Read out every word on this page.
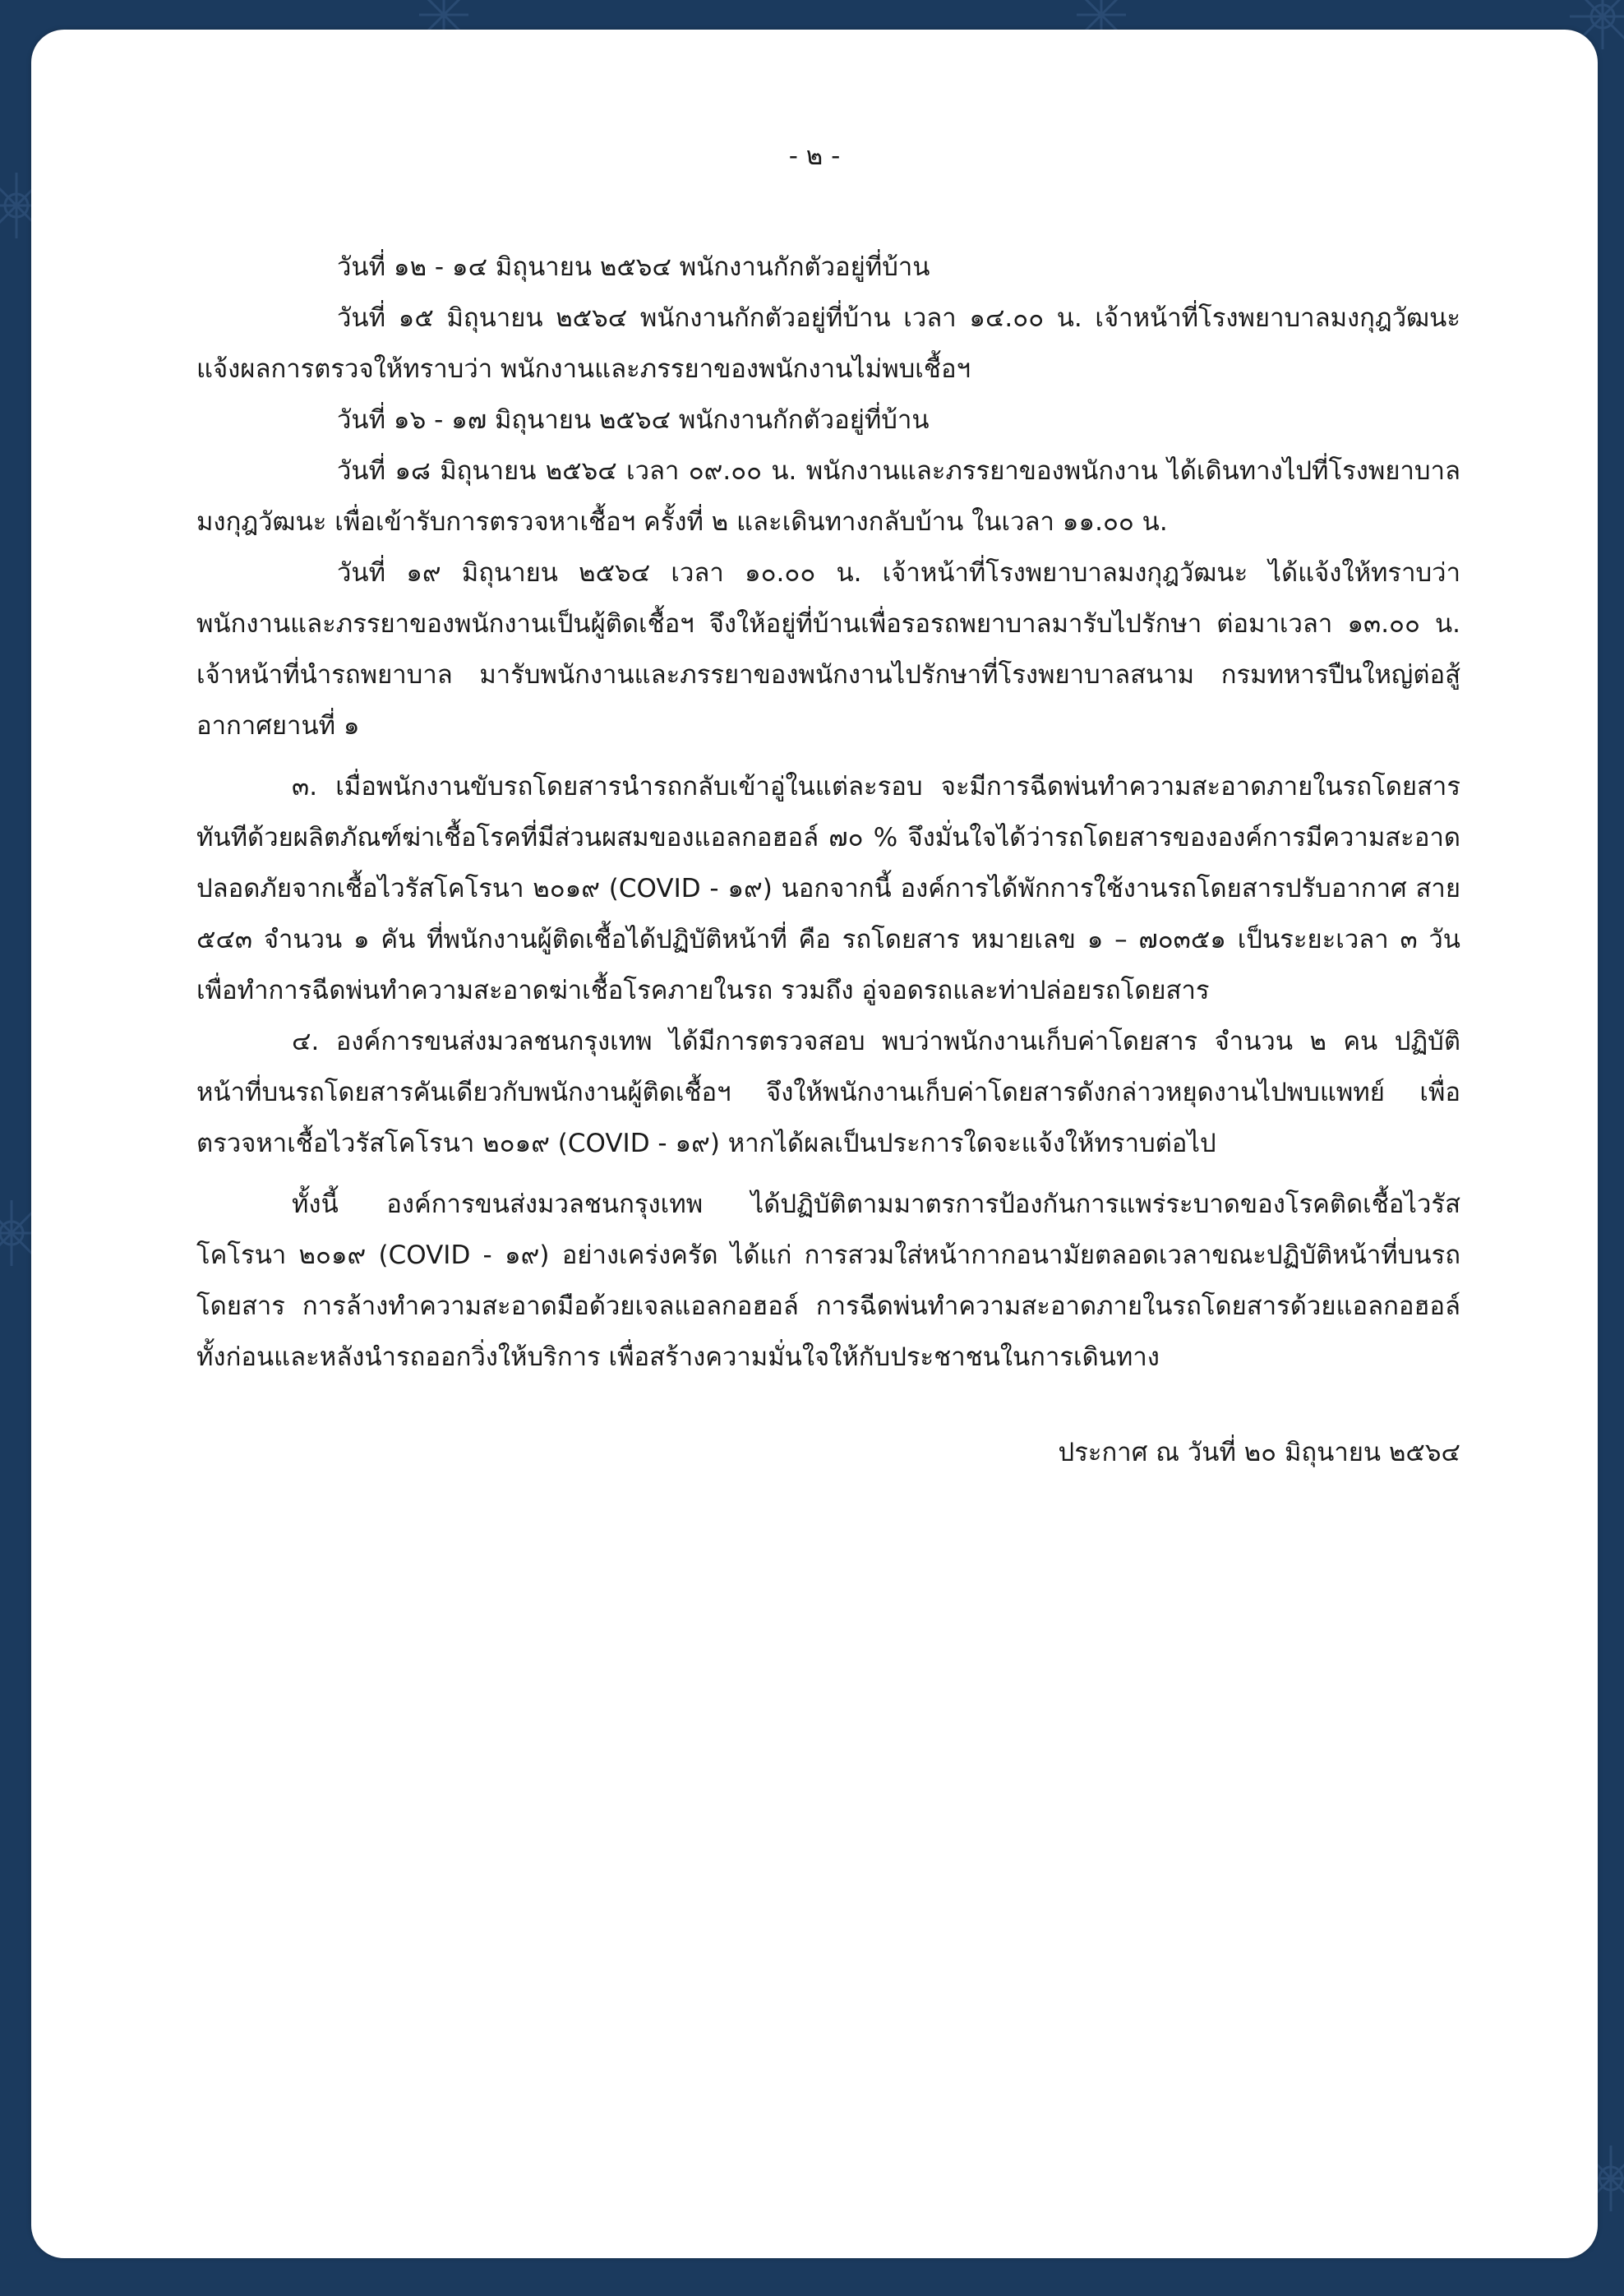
- ๒ -

วันที่ ๑๒ - ๑๔ มิถุนายน ๒๕๖๔ พนักงานกักตัวอยู่ที่บ้าน

วันที่ ๑๕ มิถุนายน ๒๕๖๔ พนักงานกักตัวอยู่ที่บ้าน เวลา ๑๔.๐๐ น. เจ้าหน้าที่โรงพยาบาลมงกุฎวัฒนะ แจ้งผลการตรวจให้ทราบว่า พนักงานและภรรยาของพนักงานไม่พบเชื้อฯ

วันที่ ๑๖ - ๑๗ มิถุนายน ๒๕๖๔ พนักงานกักตัวอยู่ที่บ้าน

วันที่ ๑๘ มิถุนายน ๒๕๖๔ เวลา ๐๙.๐๐ น. พนักงานและภรรยาของพนักงาน ได้เดินทางไปที่โรงพยาบาลมงกุฎวัฒนะ เพื่อเข้ารับการตรวจหาเชื้อฯ ครั้งที่ ๒ และเดินทางกลับบ้าน ในเวลา ๑๑.๐๐ น.

วันที่ ๑๙ มิถุนายน ๒๕๖๔ เวลา ๑๐.๐๐ น. เจ้าหน้าที่โรงพยาบาลมงกุฎวัฒนะ ได้แจ้งให้ทราบว่า พนักงานและภรรยาของพนักงานเป็นผู้ติดเชื้อฯ จึงให้อยู่ที่บ้านเพื่อรอรถพยาบาลมารับไปรักษา ต่อมาเวลา ๑๓.๐๐ น. เจ้าหน้าที่นำรถพยาบาล มารับพนักงานและภรรยาของพนักงานไปรักษาที่โรงพยาบาลสนาม กรมทหารปืนใหญ่ต่อสู้อากาศยานที่ ๑

๓. เมื่อพนักงานขับรถโดยสารนำรถกลับเข้าอู่ในแต่ละรอบ จะมีการฉีดพ่นทำความสะอาดภายในรถโดยสารทันทีด้วยผลิตภัณฑ์ฆ่าเชื้อโรคที่มีส่วนผสมของแอลกอฮอล์ ๗๐ % จึงมั่นใจได้ว่ารถโดยสารขององค์การมีความสะอาด ปลอดภัยจากเชื้อไวรัสโคโรนา ๒๐๑๙ (COVID - ๑๙) นอกจากนี้ องค์การได้พักการใช้งานรถโดยสารปรับอากาศ สาย ๕๔๓ จำนวน ๑ คัน ที่พนักงานผู้ติดเชื้อได้ปฏิบัติหน้าที่ คือ รถโดยสาร หมายเลข ๑ – ๗๐๓๕๑ เป็นระยะเวลา ๓ วัน เพื่อทำการฉีดพ่นทำความสะอาดฆ่าเชื้อโรคภายในรถ รวมถึง อู่จอดรถและท่าปล่อยรถโดยสาร

๔. องค์การขนส่งมวลชนกรุงเทพ ได้มีการตรวจสอบ พบว่าพนักงานเก็บค่าโดยสาร จำนวน ๒ คน ปฏิบัติหน้าที่บนรถโดยสารคันเดียวกับพนักงานผู้ติดเชื้อฯ จึงให้พนักงานเก็บค่าโดยสารดังกล่าวหยุดงานไปพบแพทย์ เพื่อตรวจหาเชื้อไวรัสโคโรนา ๒๐๑๙ (COVID - ๑๙) หากได้ผลเป็นประการใดจะแจ้งให้ทราบต่อไป

ทั้งนี้ องค์การขนส่งมวลชนกรุงเทพ ได้ปฏิบัติตามมาตรการป้องกันการแพร่ระบาดของโรคติดเชื้อไวรัสโคโรนา ๒๐๑๙ (COVID - ๑๙) อย่างเคร่งครัด ได้แก่ การสวมใส่หน้ากากอนามัยตลอดเวลาขณะปฏิบัติหน้าที่บนรถโดยสาร การล้างทำความสะอาดมือด้วยเจลแอลกอฮอล์ การฉีดพ่นทำความสะอาดภายในรถโดยสารด้วยแอลกอฮอล์ ทั้งก่อนและหลังนำรถออกวิ่งให้บริการ เพื่อสร้างความมั่นใจให้กับประชาชนในการเดินทาง

ประกาศ ณ วันที่ ๒๐ มิถุนายน ๒๕๖๔
